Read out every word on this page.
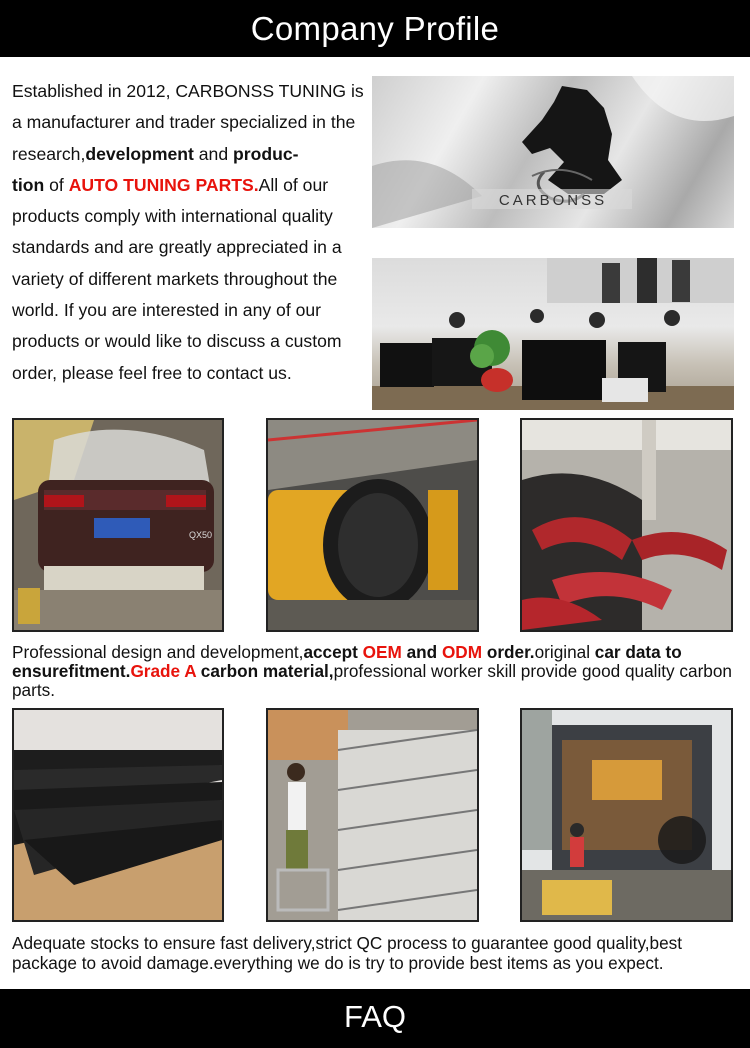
Company Profile
Established in 2012, CARBONSS TUNING is a manufacturer and trader specialized in the research,development and produc-
tion of AUTO TUNING PARTS.All of our products comply with international quality standards and are greatly appreciated in a variety of different markets throughout the world. If you are interested in any of our products or would like to discuss a custom order, please feel free to contact us.
CARBONSS
QX50
Professional design and development,accept OEM and ODM order.original car data to ensurefitment.Grade A carbon material,professional worker skill provide good quality carbon parts.
Adequate stocks to ensure fast delivery,strict QC process to guarantee good quality,best package to avoid damage.everything we do is try to provide best items as you expect.
FAQ
